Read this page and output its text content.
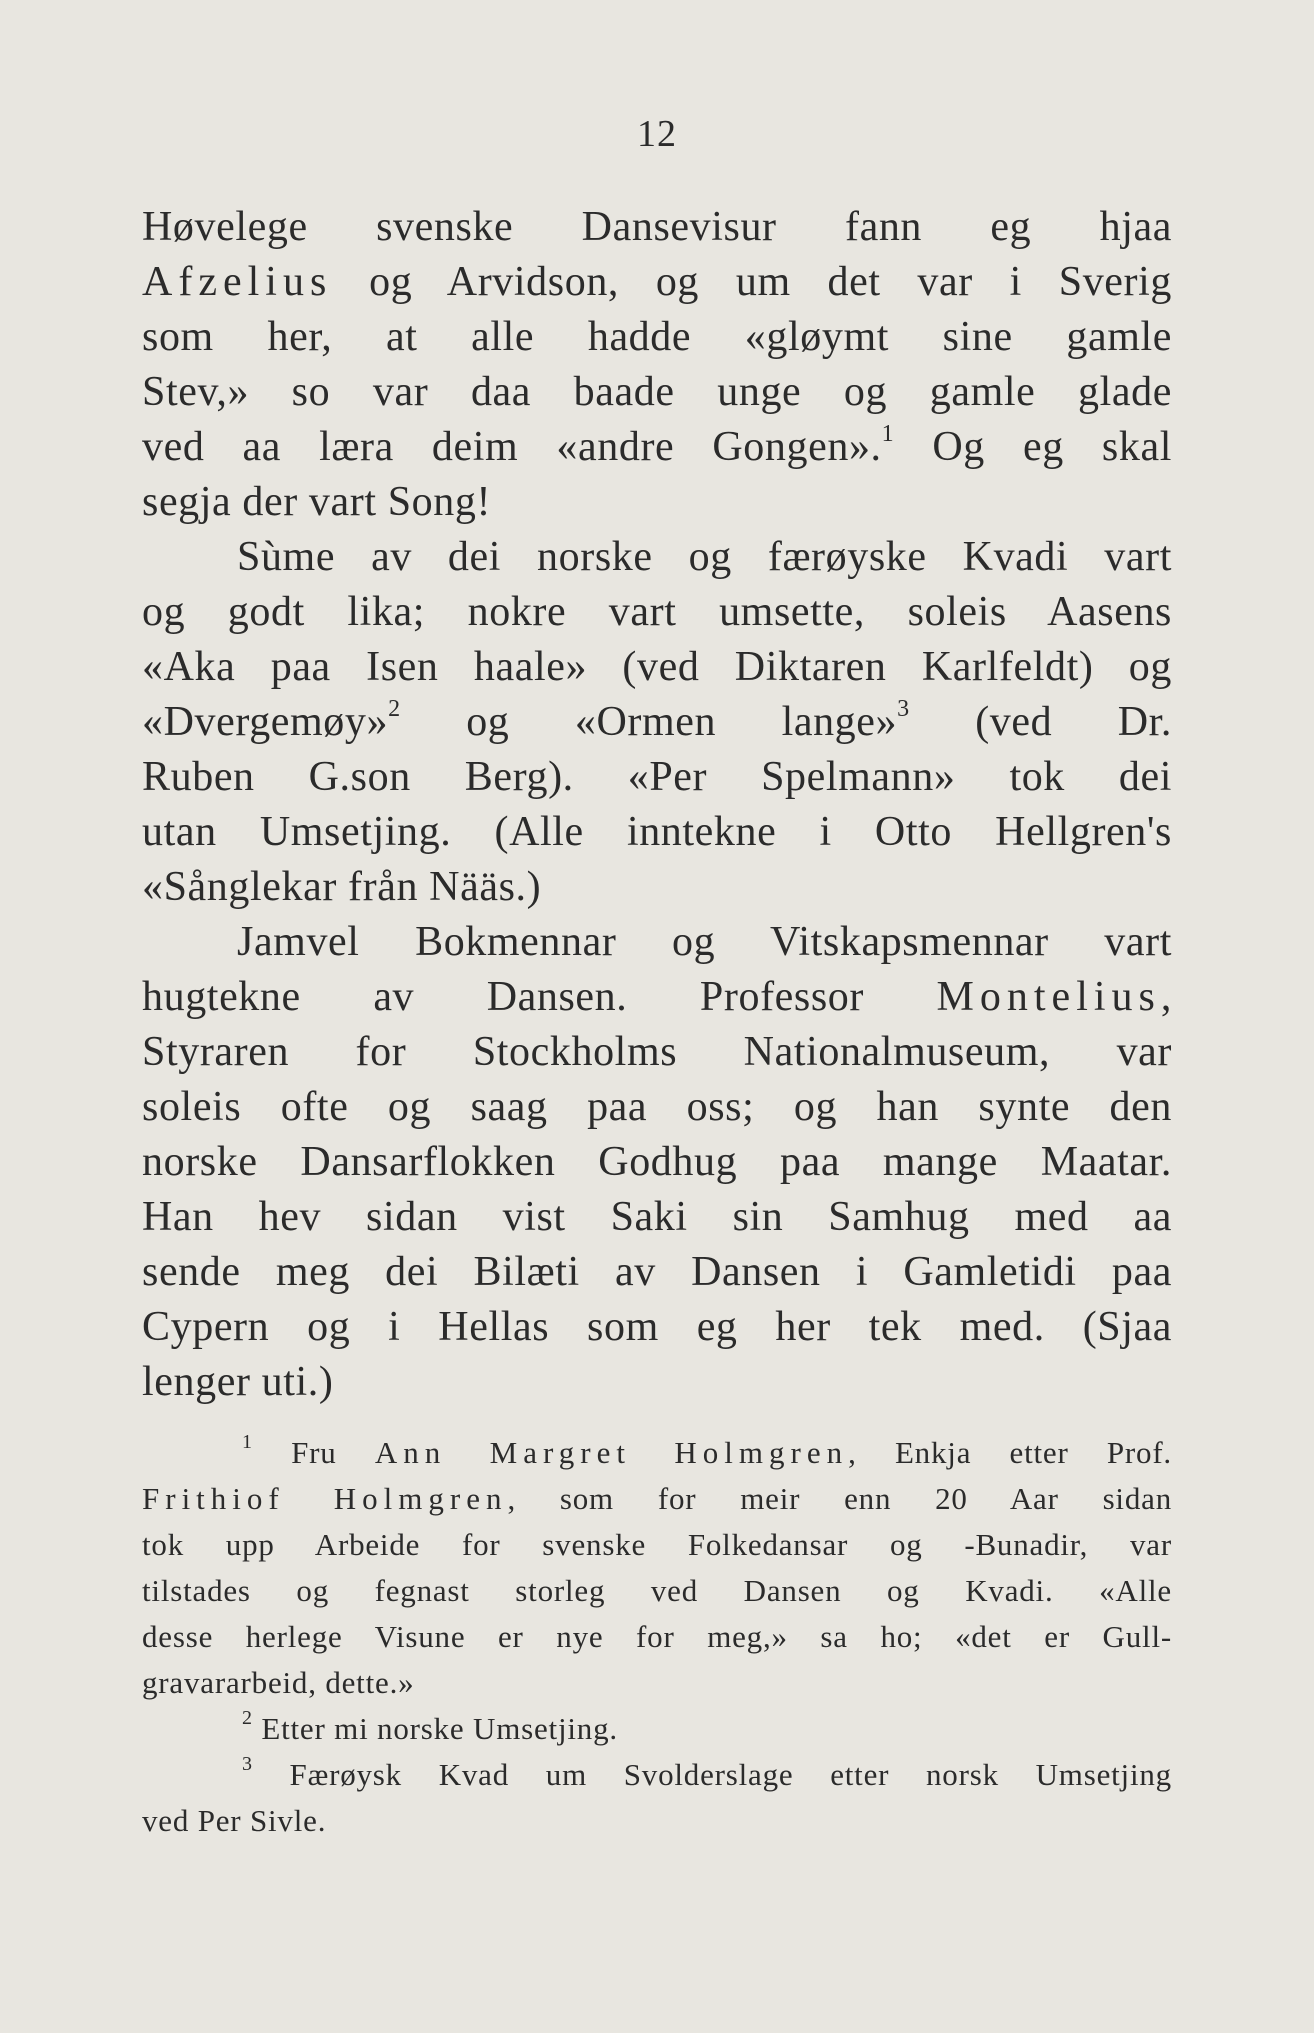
12
Høvelege svenske Dansevisur fann eg hjaa
Afzelius og Arvidson, og um det var i Sverig
som her, at alle hadde «gløymt sine gamle
Stev,» so var daa baade unge og gamle glade
ved aa læra deim «andre Gongen».$^1$ Og eg skal
segja der vart Song!
Sùme av dei norske og færøyske Kvadi vart
og godt lika; nokre vart umsette, soleis Aasens
«Aka paa Isen haale» (ved Diktaren Karlfeldt) og
«Dvergemøy»$^2$ og «Ormen lange»$^3$ (ved Dr.
Ruben G.son Berg). «Per Spelmann» tok dei
utan Umsetjing. (Alle inntekne i Otto Hellgren's
«Sånglekar från Nääs.)
Jamvel Bokmennar og Vitskapsmennar vart
hugtekne av Dansen. Professor Montelius,
Styraren for Stockholms Nationalmuseum, var
soleis ofte og saag paa oss; og han synte den
norske Dansarflokken Godhug paa mange Maatar.
Han hev sidan vist Saki sin Samhug med aa
sende meg dei Bilæti av Dansen i Gamletidi paa
Cypern og i Hellas som eg her tek med. (Sjaa
lenger uti.)
$^1$ Fru Ann Margret Holmgren, Enkja etter Prof.
Frithiof Holmgren, som for meir enn 20 Aar sidan
tok upp Arbeide for svenske Folkedansar og -Bunadir, var
tilstades og fegnast storleg ved Dansen og Kvadi. «Alle
desse herlege Visune er nye for meg,» sa ho; «det er Gull-
gravararbeid, dette.»
$^2$ Etter mi norske Umsetjing.
$^3$ Færøysk Kvad um Svolderslage etter norsk Umsetjing
ved Per Sivle.
